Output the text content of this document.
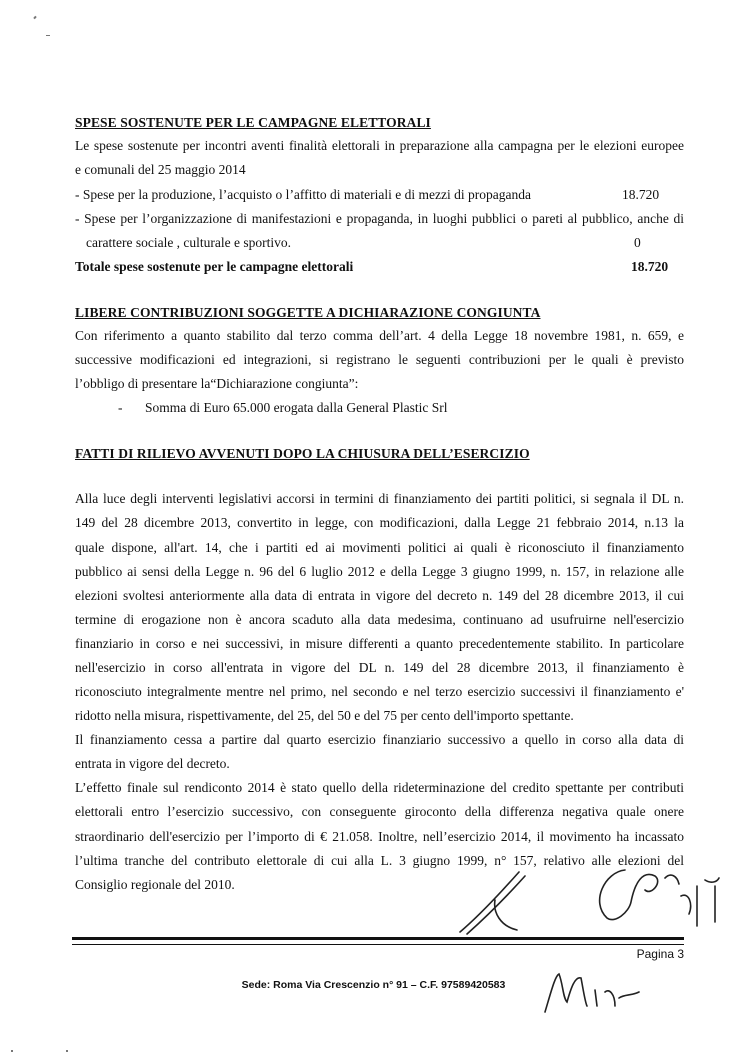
SPESE SOSTENUTE PER LE CAMPAGNE ELETTORALI
Le spese sostenute per incontri aventi finalità elettorali in preparazione alla campagna per le elezioni europee
e comunali del 25 maggio 2014
- Spese per la produzione, l’acquisto o l’affitto di materiali e di mezzi di propaganda	18.720
- Spese per l’organizzazione di manifestazioni e propaganda, in luoghi pubblici o pareti al pubblico, anche di
carattere sociale , culturale e sportivo.	0
Totale spese sostenute per le campagne elettorali	18.720
LIBERE CONTRIBUZIONI SOGGETTE A DICHIARAZIONE CONGIUNTA
Con riferimento a quanto stabilito dal terzo comma dell’art. 4 della Legge 18 novembre 1981, n. 659, e
successive modificazioni ed integrazioni, si registrano le seguenti contribuzioni per le quali è previsto
l’obbligo di presentare la“Dichiarazione congiunta”:
- Somma di Euro 65.000 erogata dalla General Plastic Srl
FATTI DI RILIEVO AVVENUTI DOPO LA CHIUSURA DELL’ESERCIZIO
Alla luce degli interventi legislativi accorsi in termini di finanziamento dei partiti politici, si segnala il DL n.
149 del 28 dicembre 2013, convertito in legge, con modificazioni, dalla Legge 21 febbraio 2014, n.13 la
quale dispone, all'art. 14, che i partiti ed ai movimenti politici ai quali è riconosciuto il finanziamento
pubblico ai sensi della Legge n. 96 del 6 luglio 2012 e della Legge 3 giugno 1999, n. 157, in relazione alle
elezioni svoltesi anteriormente alla data di entrata in vigore del decreto n. 149 del 28 dicembre 2013, il cui
termine di erogazione non è ancora scaduto alla data medesima, continuano ad usufruirne nell'esercizio
finanziario in corso e nei successivi, in misure differenti a quanto precedentemente stabilito. In particolare
nell'esercizio in corso all'entrata in vigore del DL n. 149 del 28 dicembre 2013, il finanziamento è
riconosciuto integralmente mentre nel primo, nel secondo e nel terzo esercizio successivi il finanziamento e'
ridotto nella misura, rispettivamente, del 25, del 50 e del 75 per cento dell'importo spettante.
Il finanziamento cessa a partire dal quarto esercizio finanziario successivo a quello in corso alla data di
entrata in vigore del decreto.
L’effetto finale sul rendiconto 2014 è stato quello della rideterminazione del credito spettante per contributi
elettorali entro l’esercizio successivo, con conseguente giroconto della differenza negativa quale onere
straordinario dell'esercizio per l’importo di € 21.058. Inoltre, nell’esercizio 2014, il movimento ha incassato
l’ultima tranche del contributo elettorale di cui alla L. 3 giugno 1999, n° 157, relativo alle elezioni del
Consiglio regionale del 2010.
Pagina 3
Sede: Roma Via Crescenzio n° 91 – C.F. 97589420583
